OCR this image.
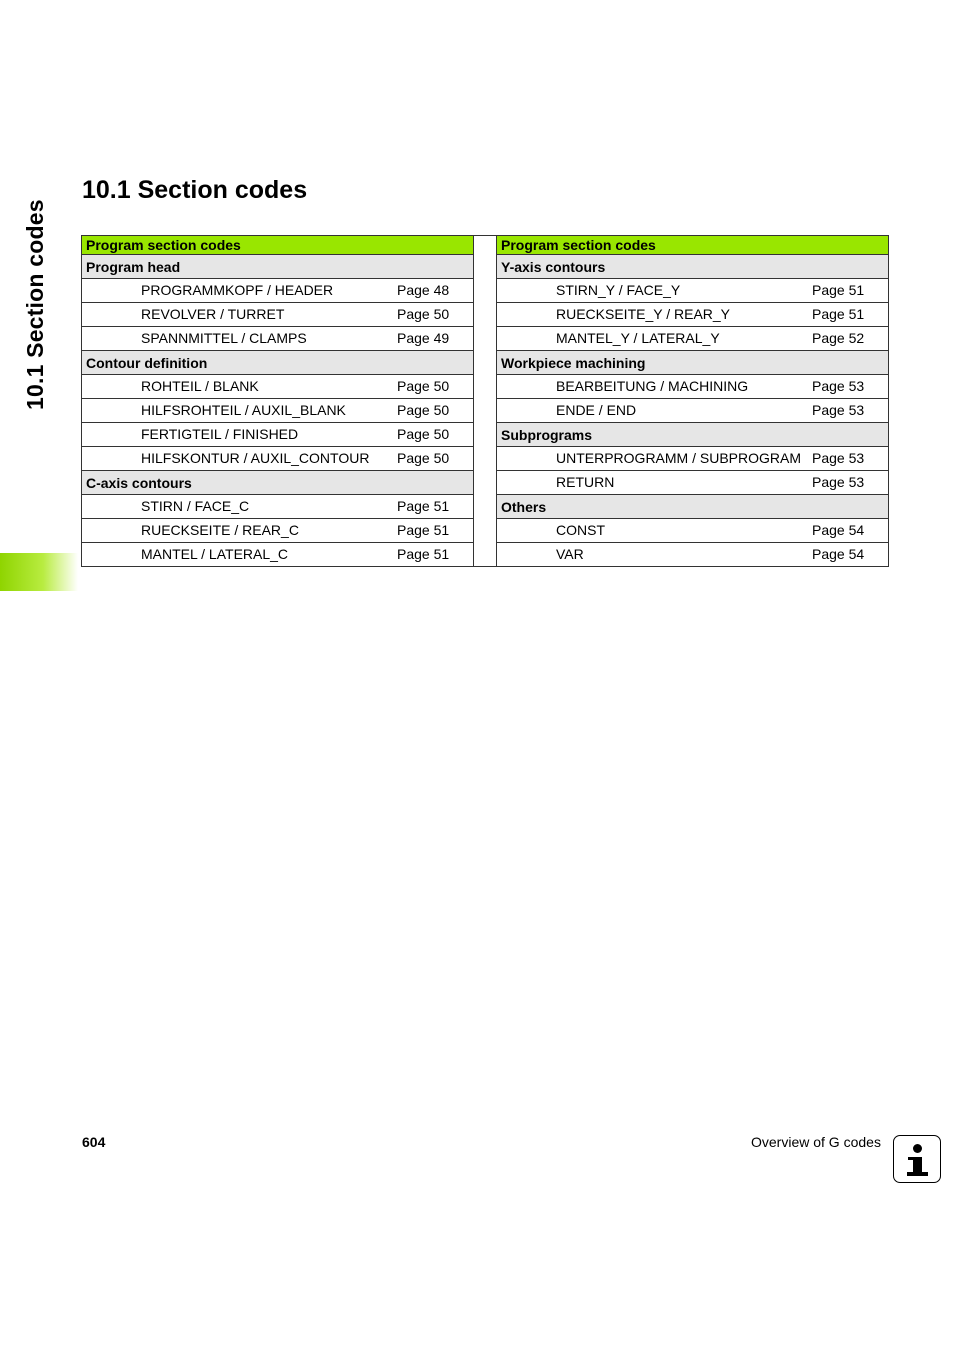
10.1 Section codes
10.1 Section codes
Program section codes
Program head

PROGRAMMKOPF / HEADER	Page 48

REVOLVER / TURRET	Page 50

SPANNMITTEL / CLAMPS	Page 49

Contour definition

ROHTEIL / BLANK	Page 50

HILFSROHTEIL / AUXIL_BLANK	Page 50

FERTIGTEIL / FINISHED	Page 50

HILFSKONTUR / AUXIL_CONTOUR Page 50

C-axis contours

STIRN / FACE_C	Page 51

RUECKSEITE / REAR_C	Page 51

MANTEL / LATERAL_C	Page 51
Program section codes
Y-axis contours

STIRN_Y / FACE_Y	Page 51

RUECKSEITE_Y / REAR_Y	Page 51

MANTEL_Y / LATERAL_Y	Page 52

Workpiece machining

BEARBEITUNG / MACHINING	Page 53

ENDE / END	Page 53

Subprograms

UNTERPROGRAMM / SUBPROGRAM Page 53

RETURN	Page 53

Others

CONST	Page 54

VAR	Page 54
604	Overview of G codes
